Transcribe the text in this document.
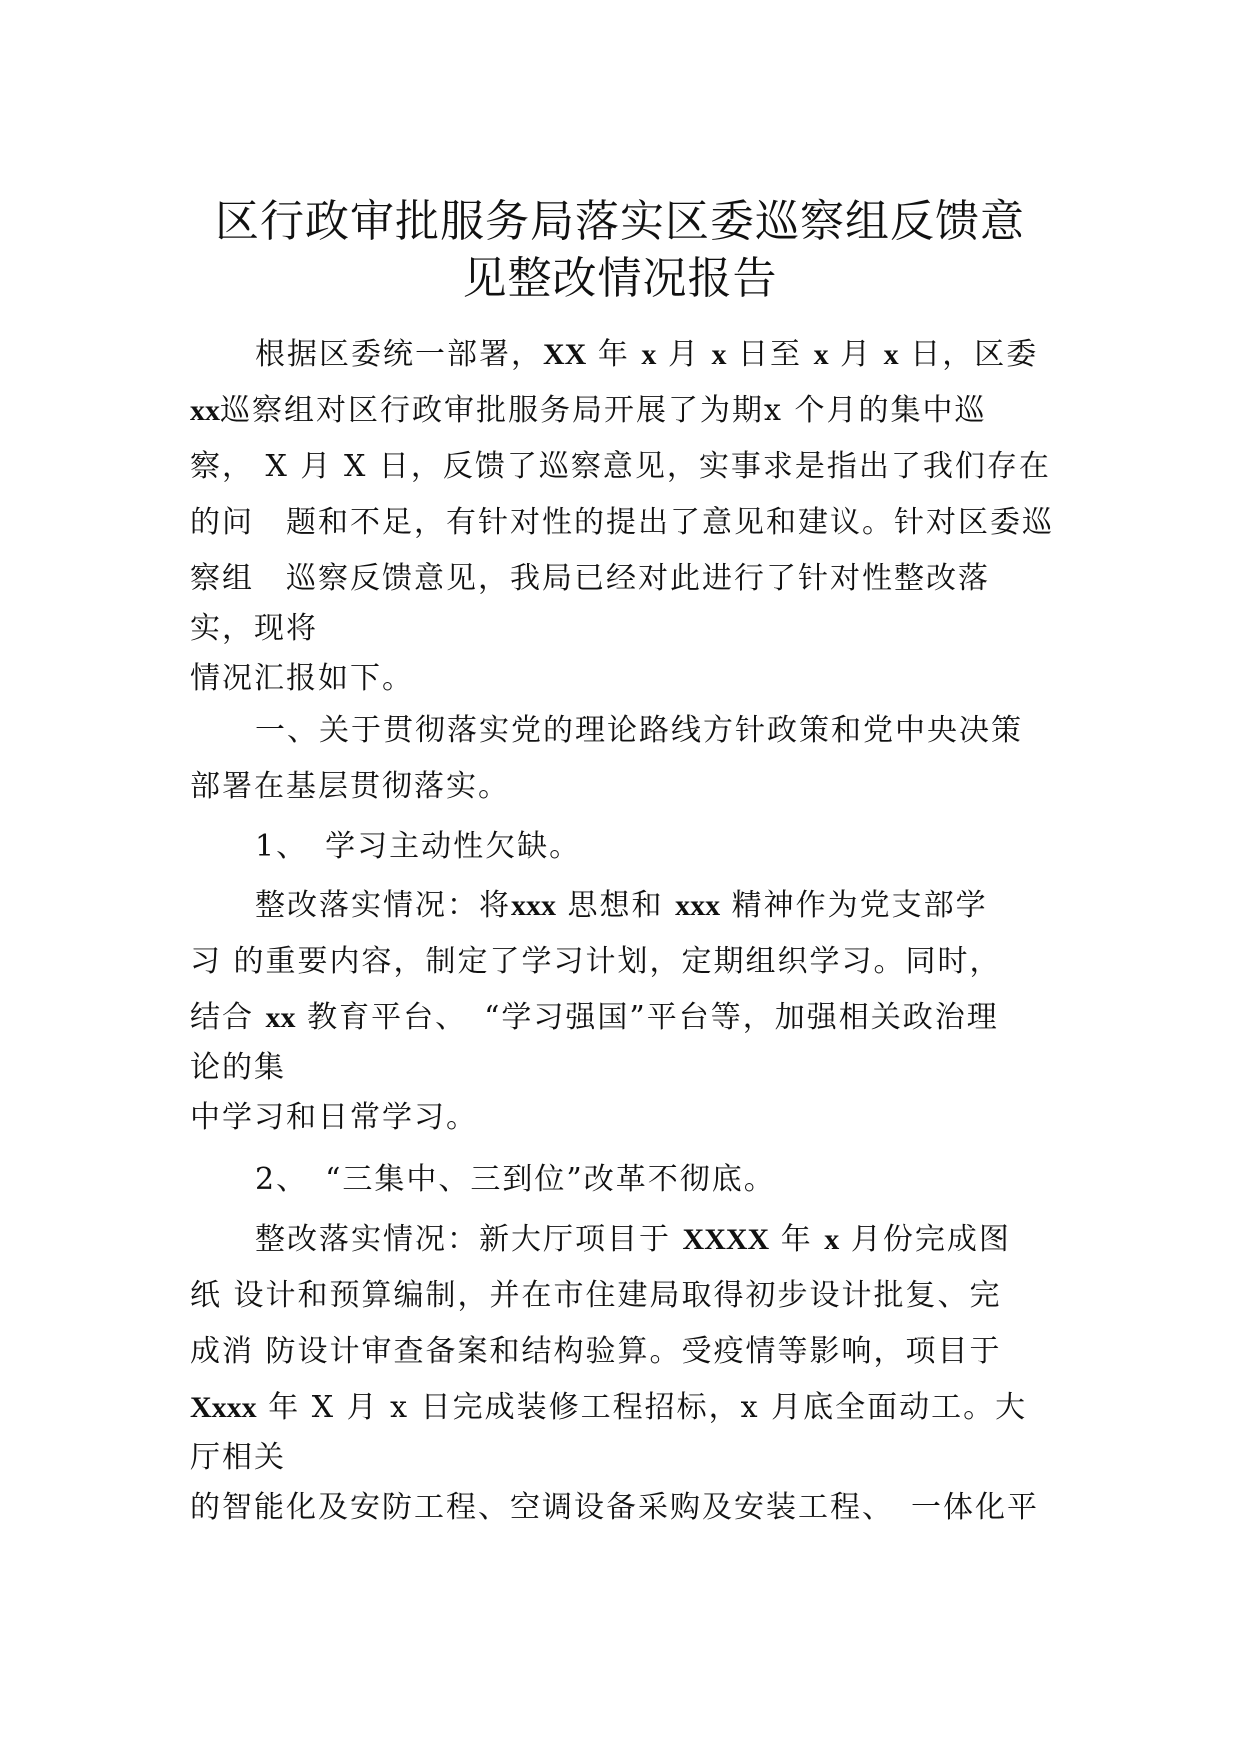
区行政审批服务局落实区委巡察组反馈意
见整改情况报告
根据区委统一部署，XX 年 x 月 x 日至 x 月 x 日，区委
xx巡察组对区行政审批服务局开展了为期x 个月的集中巡
察， X 月 X 日，反馈了巡察意见，实事求是指出了我们存在
的问　题和不足，有针对性的提出了意见和建议。针对区委巡
察组　巡察反馈意见，我局已经对此进行了针对性整改落
实，现将
情况汇报如下。
一、关于贯彻落实党的理论路线方针政策和党中央决策
部署在基层贯彻落实。
1、　学习主动性欠缺。
整改落实情况：将xxx 思想和 xxx 精神作为党支部学
习 的重要内容，制定了学习计划，定期组织学习。同时，
结合 xx 教育平台、　“学习强国”平台等，加强相关政治理
论的集
中学习和日常学习。
2、　“三集中、三到位”改革不彻底。
整改落实情况：新大厅项目于 XXXX 年 x 月份完成图
纸 设计和预算编制，并在市住建局取得初步设计批复、完
成消 防设计审查备案和结构验算。受疫情等影响，项目于
Xxxx 年 X 月 x 日完成装修工程招标，x 月底全面动工。大
厅相关
的智能化及安防工程、空调设备采购及安装工程、　一体化平
